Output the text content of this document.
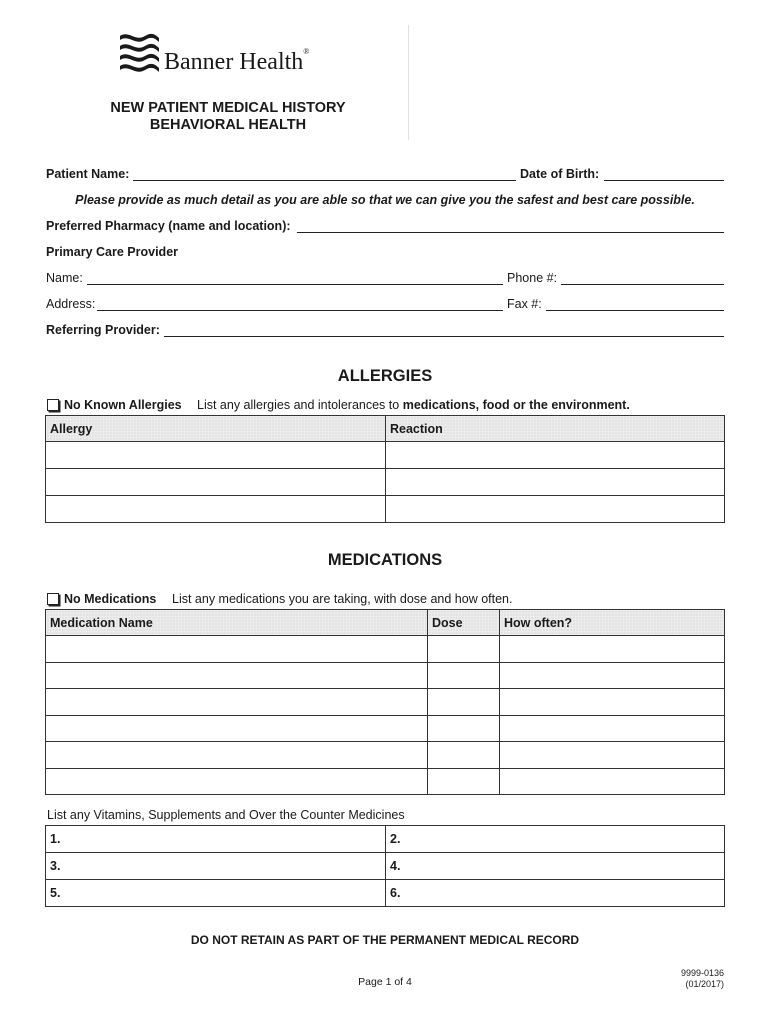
Banner Health®
NEW PATIENT MEDICAL HISTORY
BEHAVIORAL HEALTH
Patient Name:	Date of Birth:
Please provide as much detail as you are able so that we can give you the safest and best care possible.
Preferred Pharmacy (name and location):
Primary Care Provider
Name:	Phone #:
Address:	Fax #:
Referring Provider:
ALLERGIES
No Known Allergies List any allergies and intolerances to medications, food or the environment.
Allergy	Reaction

MEDICATIONS
No Medications List any medications you are taking, with dose and how often.
Medication Name	Dose	How often?

List any Vitamins, Supplements and Over the Counter Medicines
1.	2.
3.	4.
5.	6.
DO NOT RETAIN AS PART OF THE PERMANENT MEDICAL RECORD
Page 1 of 4
9999-0136
(01/2017)
